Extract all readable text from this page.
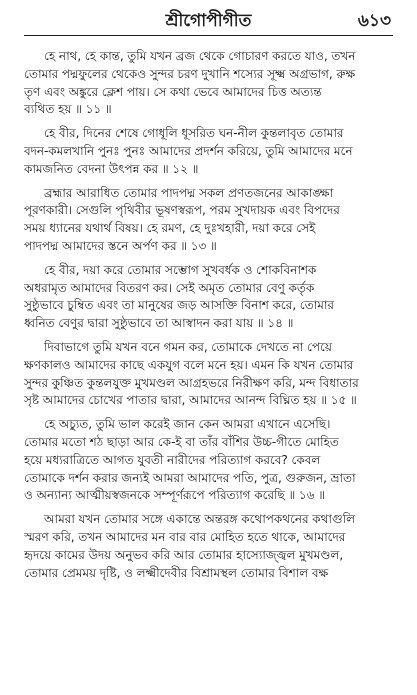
শ্রীগোপীগীত	৬১৩
হে নাথ, হে কান্ত, তুমি যখন ব্রজ থেকে গোচারণ করতে যাও, তখন
তোমার পদ্মফুলের থেকেও সুন্দর চরণ দুখানি শস্যের সূক্ষ্ম অগ্রভাগ, রুক্ষ
তৃণ এবং অঙ্কুরে ক্লেশ পায়। সে কথা ভেবে আমাদের চিত্ত অত্যন্ত
ব্যথিত হয় ॥ ১১ ॥
হে বীর, দিনের শেষে গোধূলি ধূসরিত ঘন-নীল কুন্তলাবৃত তোমার
বদন-কমলখানি পুনঃ পুনঃ আমাদের প্রদর্শন করিয়ে, তুমি আমাদের মনে
কামজনিত বেদনা উৎপন্ন কর ॥ ১২ ॥
ব্রহ্মার আরাধিত তোমার পাদপদ্ম সকল প্রণতজনের আকাঙ্ক্ষা
পূরণকারী। সেগুলি পৃথিবীর ভূষণস্বরূপ, পরম সুখদায়ক এবং বিপদের
সময় ধ্যানের যথার্থ বিষয়। হে রমণ, হে দুঃখহারী, দয়া করে সেই
পাদপদ্ম আমাদের স্তনে অর্পণ কর ॥ ১৩ ॥
হে বীর, দয়া করে তোমার সম্ভোগ সুখবর্ধক ও শোকবিনাশক
অধরামৃত আমাদের বিতরণ কর। সেই অমৃত তোমার বেণু কর্তৃক
সুষ্ঠুভাবে চুম্বিত এবং তা মানুষের জড় আসক্তি বিনাশ করে, তোমার
ধ্বনিত বেণুর দ্বারা সুষ্ঠুভাবে তা আস্বাদন করা যায় ॥ ১৪ ॥
দিবাভাগে তুমি যখন বনে গমন কর, তোমাকে দেখতে না পেয়ে
ক্ষণকালও আমাদের কাছে একযুগ বলে মনে হয়। এমন কি যখন তোমার
সুন্দর কুঞ্চিত কুন্তলযুক্ত মুখমণ্ডল আগ্রহভরে নিরীক্ষণ করি, মন্দ বিধাতার
সৃষ্ট আমাদের চোখের পাতার দ্বারা, আমাদের আনন্দ বিঘ্নিত হয় ॥ ১৫ ॥
হে অচ্যুত, তুমি ভাল করেই জান কেন আমরা এখানে এসেছি।
তোমার মতো শঠ ছাড়া আর কে-ই বা তাঁর বাঁশির উচ্চ-গীতে মোহিত
হয়ে মধ্যরাত্রিতে আগত যুবতী নারীদের পরিত্যাগ করবে? কেবল
তোমাকে দর্শন করার জন্যই আমরা আমাদের পতি, পুত্র, গুরুজন, ভ্রাতা
ও অন্যান্য আত্মীয়স্বজনকে সম্পূর্ণরূপে পরিত্যাগ করেছি ॥ ১৬ ॥
আমরা যখন তোমার সঙ্গে একান্তে অন্তরঙ্গ কথোপকথনের কথাগুলি
স্মরণ করি, তখন আমাদের মন বার বার মোহিত হতে থাকে, আমাদের
হৃদয়ে কামের উদয় অনুভব করি আর তোমার হাস্যোজ্জ্বল মুখমণ্ডল,
তোমার প্রেমময় দৃষ্টি, ও লক্ষ্মীদেবীর বিশ্রামস্থল তোমার বিশাল বক্ষ
